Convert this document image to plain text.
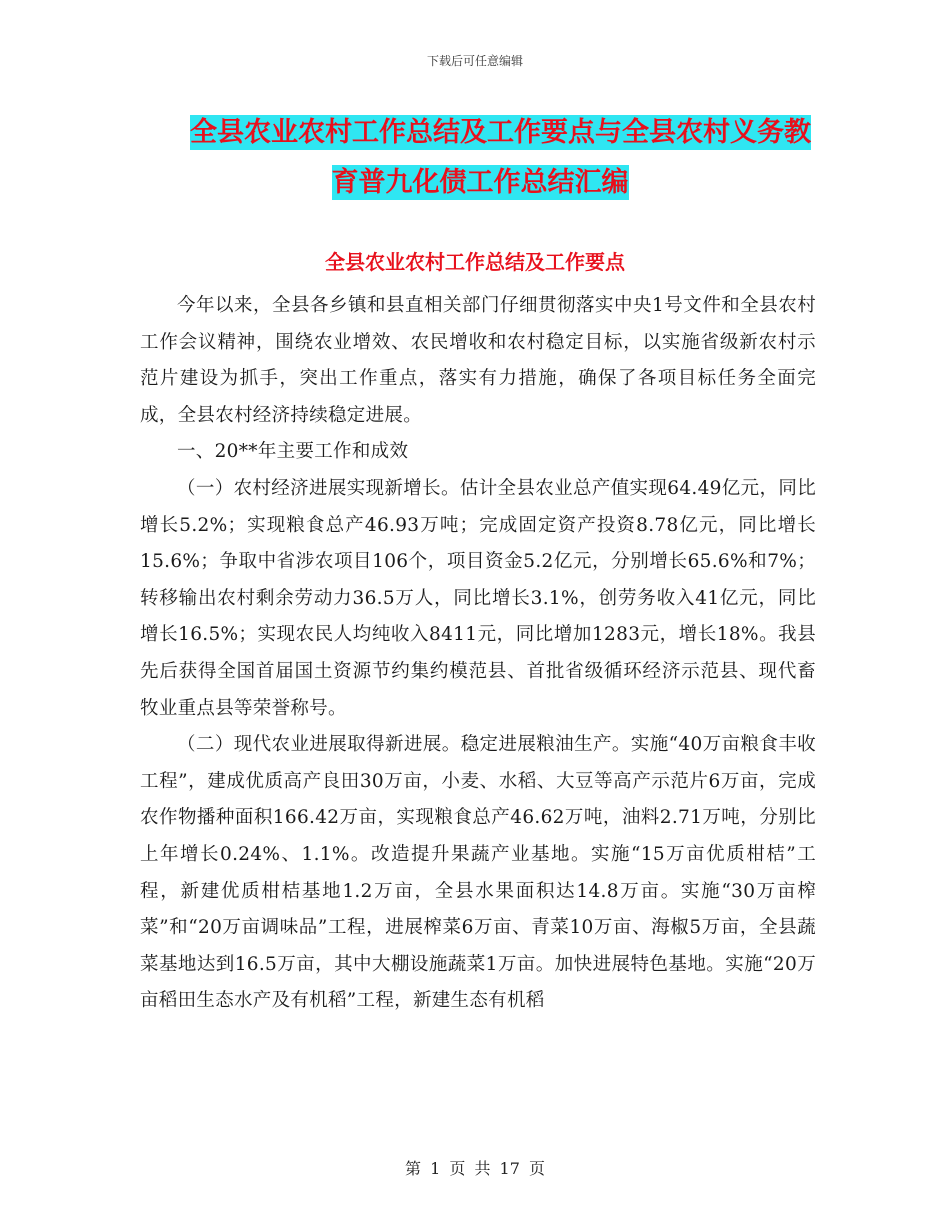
下载后可任意编辑
全县农业农村工作总结及工作要点与全县农村义务教
育普九化债工作总结汇编
全县农业农村工作总结及工作要点

今年以来，全县各乡镇和县直相关部门仔细贯彻落实中央1号文件和全县农村工作会议精神，围绕农业增效、农民增收和农村稳定目标，以实施省级新农村示范片建设为抓手，突出工作重点，落实有力措施，确保了各项目标任务全面完成，全县农村经济持续稳定进展。

一、20**年主要工作和成效

（一）农村经济进展实现新增长。估计全县农业总产值实现64.49亿元，同比增长5.2%；实现粮食总产46.93万吨；完成固定资产投资8.78亿元，同比增长15.6%；争取中省涉农项目106个，项目资金5.2亿元，分别增长65.6%和7%；转移输出农村剩余劳动力36.5万人，同比增长3.1%，创劳务收入41亿元，同比增长16.5%；实现农民人均纯收入8411元，同比增加1283元，增长18%。我县先后获得全国首届国土资源节约集约模范县、首批省级循环经济示范县、现代畜牧业重点县等荣誉称号。

（二）现代农业进展取得新进展。稳定进展粮油生产。实施“40万亩粮食丰收工程”，建成优质高产良田30万亩，小麦、水稻、大豆等高产示范片6万亩，完成农作物播种面积166.42万亩，实现粮食总产46.62万吨，油料2.71万吨，分别比上年增长0.24%、1.1%。改造提升果蔬产业基地。实施“15万亩优质柑桔”工程，新建优质柑桔基地1.2万亩，全县水果面积达14.8万亩。实施“30万亩榨菜”和“20万亩调味品”工程，进展榨菜6万亩、青菜10万亩、海椒5万亩，全县蔬菜基地达到16.5万亩，其中大棚设施蔬菜1万亩。加快进展特色基地。实施“20万亩稻田生态水产及有机稻”工程，新建生态有机稻

第 1 页 共 17 页
